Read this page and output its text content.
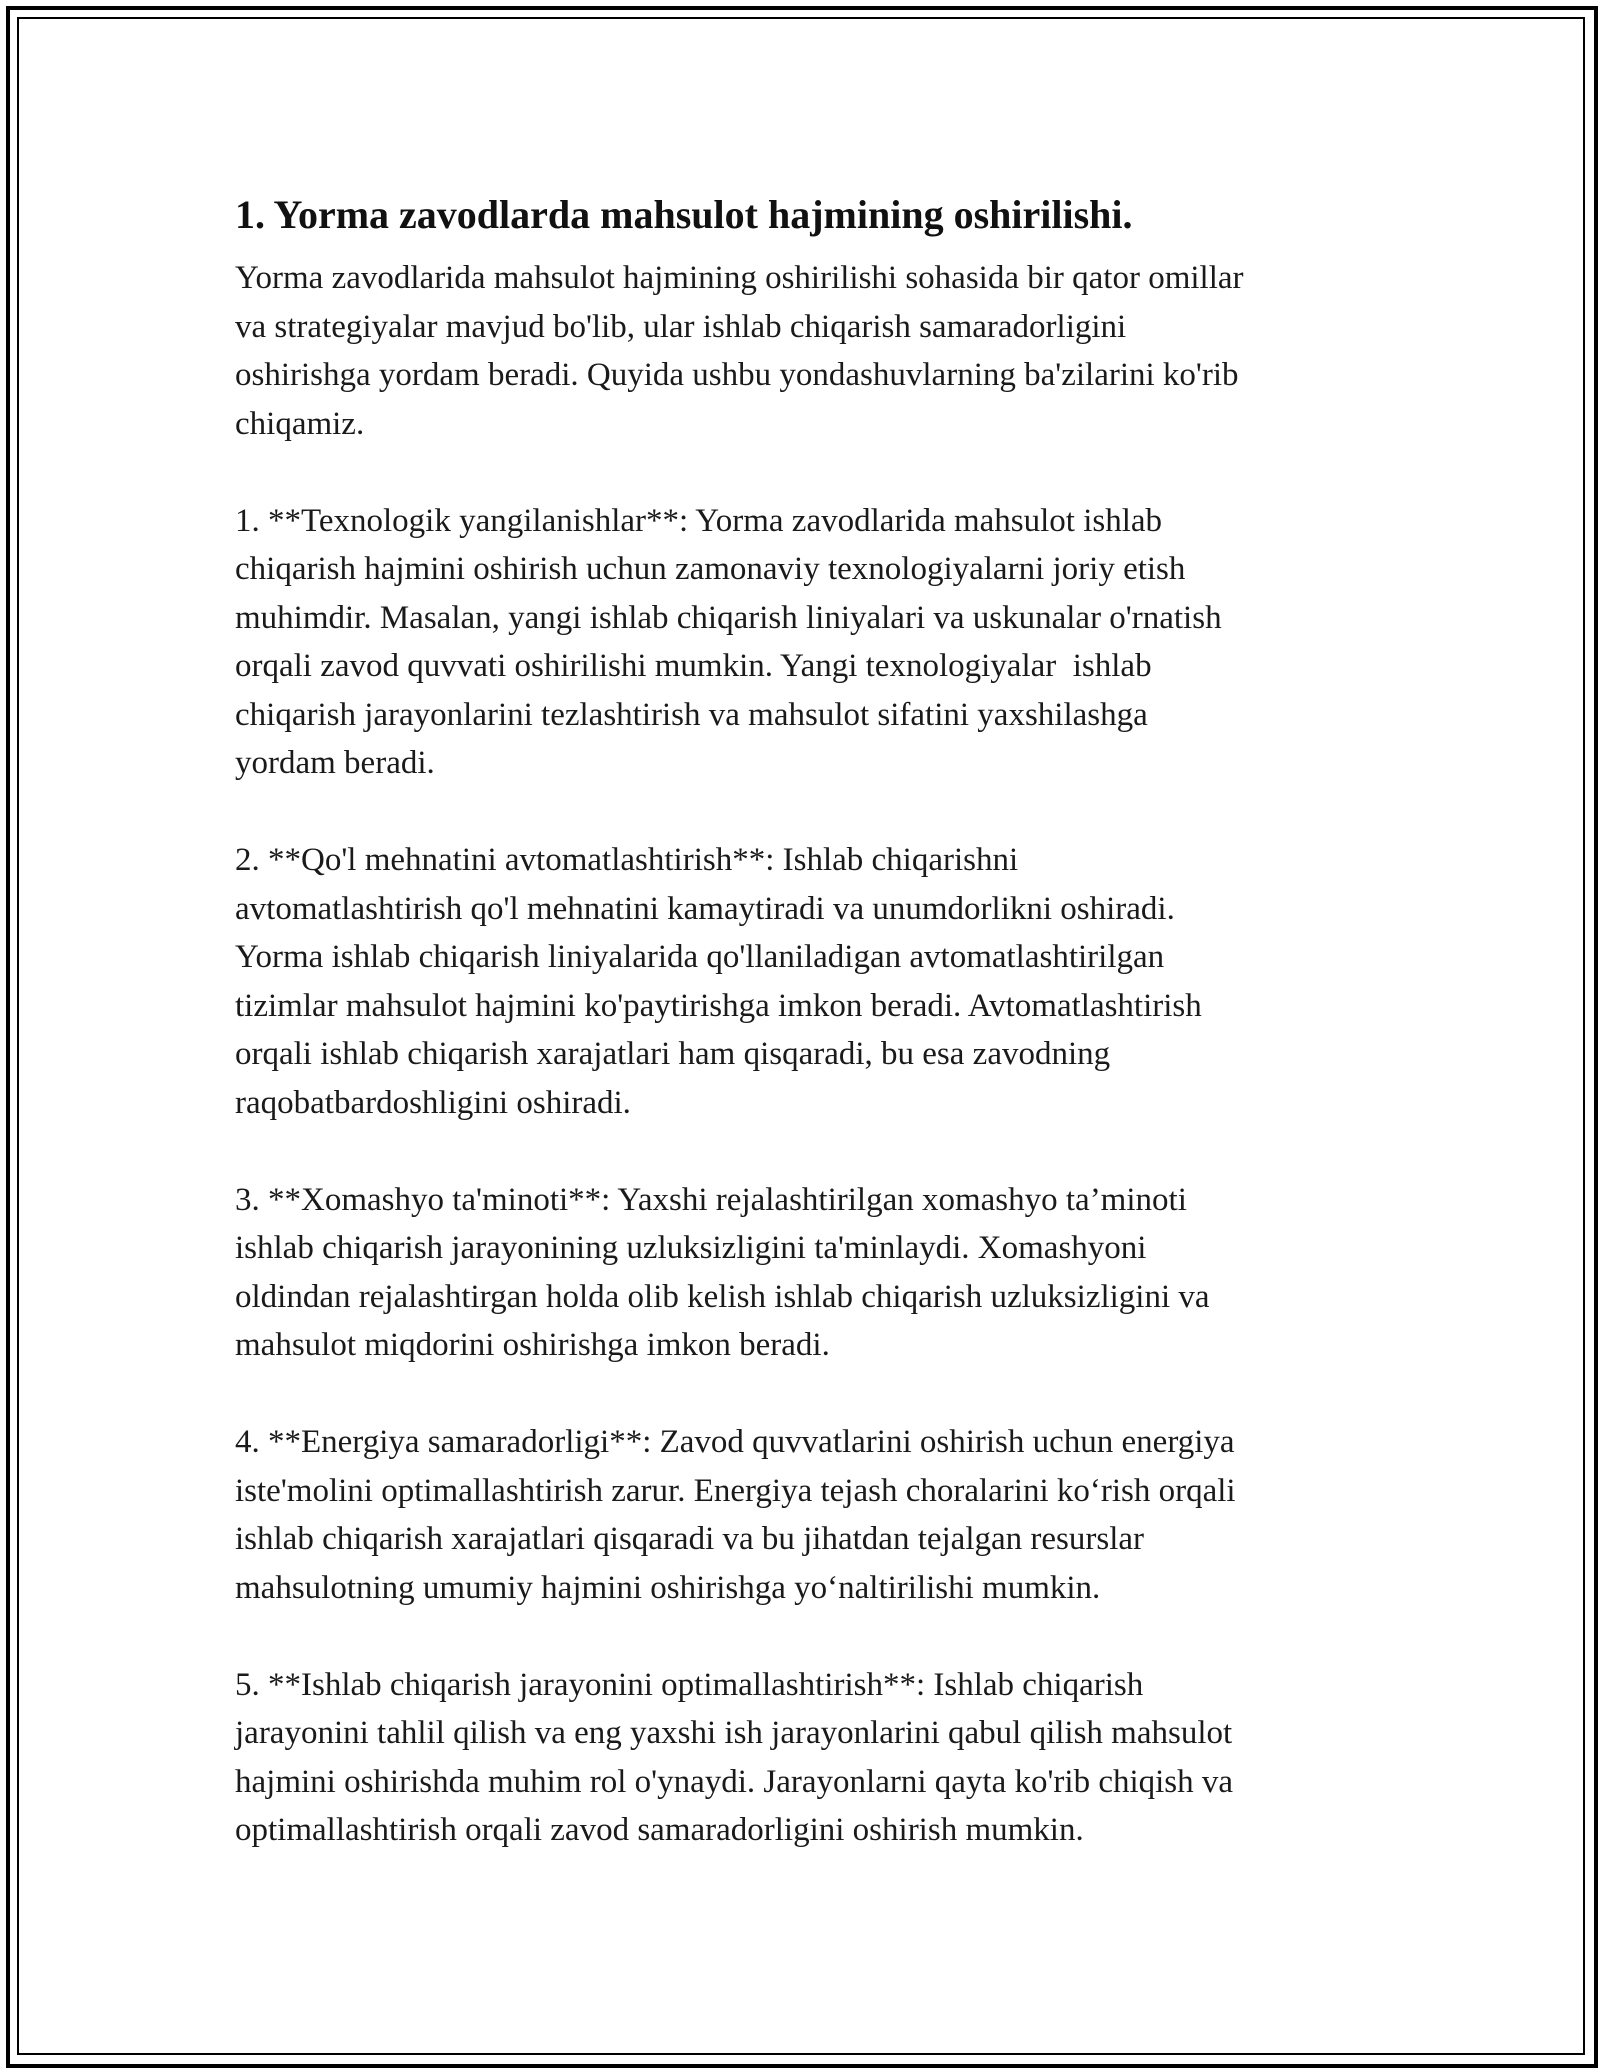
1. Yorma zavodlarda mahsulot hajmining oshirilishi.

Yorma zavodlarida mahsulot hajmining oshirilishi sohasida bir qator omillar
va strategiyalar mavjud bo'lib, ular ishlab chiqarish samaradorligini
oshirishga yordam beradi. Quyida ushbu yondashuvlarning ba'zilarini ko'rib
chiqamiz.

1. **Texnologik yangilanishlar**: Yorma zavodlarida mahsulot ishlab
chiqarish hajmini oshirish uchun zamonaviy texnologiyalarni joriy etish
muhimdir. Masalan, yangi ishlab chiqarish liniyalari va uskunalar o'rnatish
orqali zavod quvvati oshirilishi mumkin. Yangi texnologiyalar  ishlab
chiqarish jarayonlarini tezlashtirish va mahsulot sifatini yaxshilashga
yordam beradi.

2. **Qo'l mehnatini avtomatlashtirish**: Ishlab chiqarishni
avtomatlashtirish qo'l mehnatini kamaytiradi va unumdorlikni oshiradi.
Yorma ishlab chiqarish liniyalarida qo'llaniladigan avtomatlashtirilgan
tizimlar mahsulot hajmini ko'paytirishga imkon beradi. Avtomatlashtirish
orqali ishlab chiqarish xarajatlari ham qisqaradi, bu esa zavodning
raqobatbardoshligini oshiradi.

3. **Xomashyo ta'minoti**: Yaxshi rejalashtirilgan xomashyo ta’minoti
ishlab chiqarish jarayonining uzluksizligini ta'minlaydi. Xomashyoni
oldindan rejalashtirgan holda olib kelish ishlab chiqarish uzluksizligini va
mahsulot miqdorini oshirishga imkon beradi.

4. **Energiya samaradorligi**: Zavod quvvatlarini oshirish uchun energiya
iste'molini optimallashtirish zarur. Energiya tejash choralarini ko‘rish orqali
ishlab chiqarish xarajatlari qisqaradi va bu jihatdan tejalgan resurslar
mahsulotning umumiy hajmini oshirishga yo‘naltirilishi mumkin.

5. **Ishlab chiqarish jarayonini optimallashtirish**: Ishlab chiqarish
jarayonini tahlil qilish va eng yaxshi ish jarayonlarini qabul qilish mahsulot
hajmini oshirishda muhim rol o'ynaydi. Jarayonlarni qayta ko'rib chiqish va
optimallashtirish orqali zavod samaradorligini oshirish mumkin.
